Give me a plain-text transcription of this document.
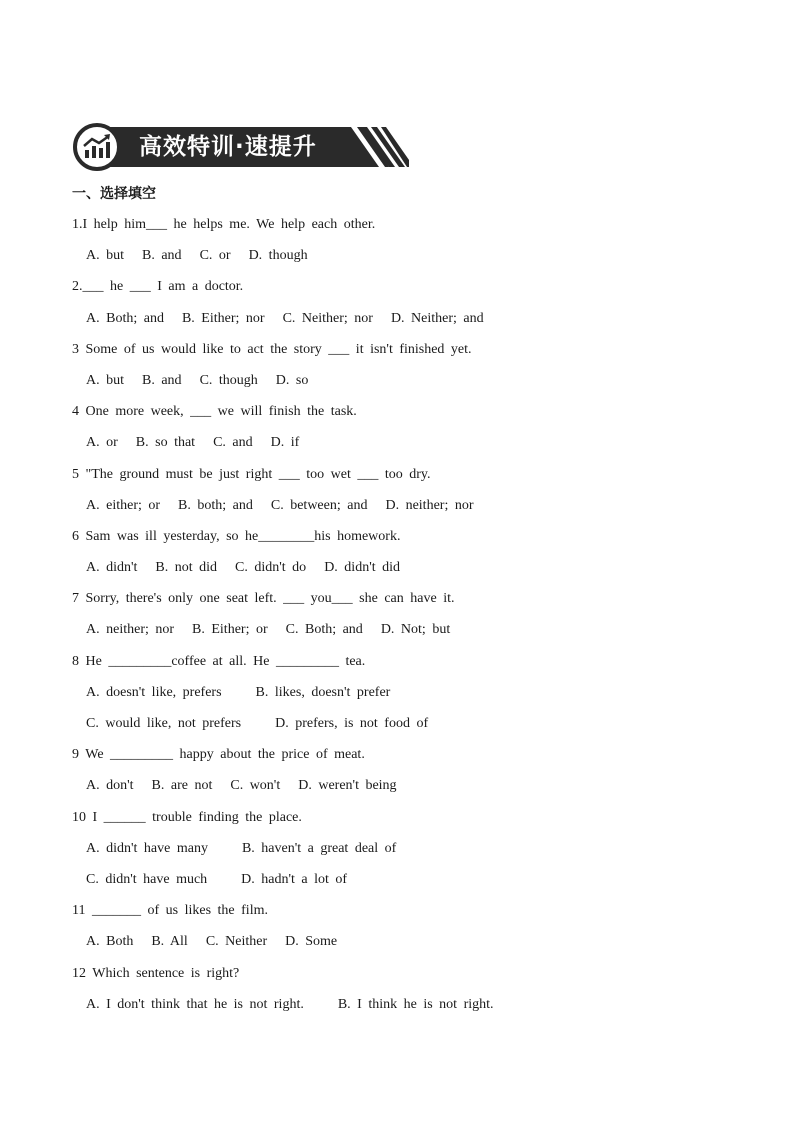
高效特训·速提升
一、选择填空
1.I help him___ he helps me. We help each other.
A. but B. and C. or D. though
2.___ he ___ I am a doctor.
A. Both; and B. Either; nor C. Neither; nor D. Neither; and
3 Some of us would like to act the story ___ it isn't finished yet.
A. but B. and C. though D. so
4 One more week, ___ we will finish the task.
A. or B. so that C. and D. if
5 "The ground must be just right ___ too wet ___ too dry.
A. either; or B. both; and C. between; and D. neither; nor
6 Sam was ill yesterday, so he________his homework.
A. didn't B. not did C. didn't do D. didn't did
7 Sorry, there's only one seat left. ___ you___ she can have it.
A. neither; nor B. Either; or C. Both; and D. Not; but
8 He _________coffee at all. He _________ tea.
A. doesn't like, prefers B. likes, doesn't prefer
C. would like, not prefers D. prefers, is not food of
9 We _________ happy about the price of meat.
A. don't B. are not C. won't D. weren't being
10 I ______ trouble finding the place.
A. didn't have many B. haven't a great deal of
C. didn't have much D. hadn't a lot of
11 _______ of us likes the film.
A. Both B. All C. Neither D. Some
12 Which sentence is right?
A. I don't think that he is not right. B. I think he is not right.
